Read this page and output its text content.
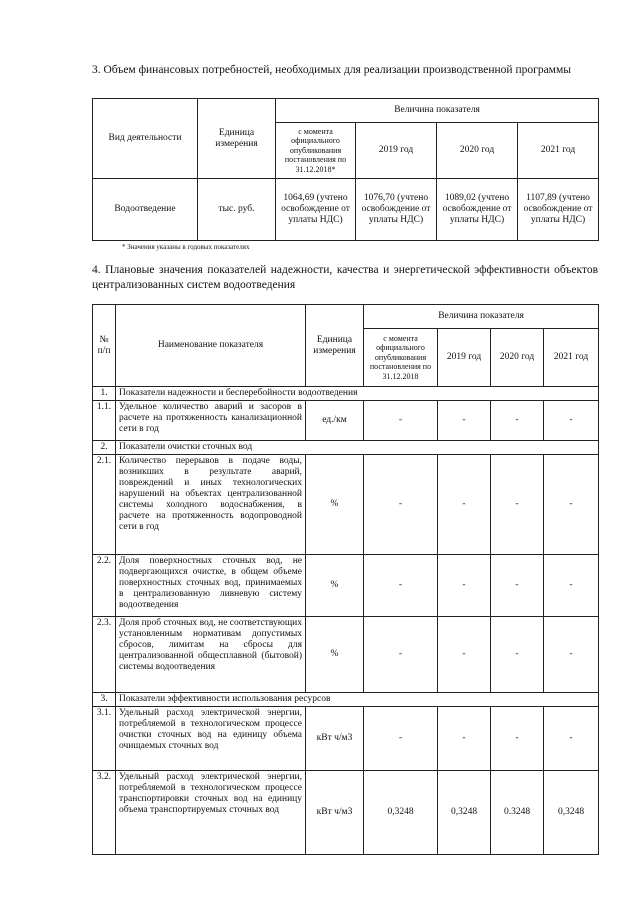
3. Объем финансовых потребностей, необходимых для реализации производственной программы
Вид деятельности	Единица измерения	Величина показателя			
		с момента официального опубликования постановления по 31.12.2018*	2019 год	2020 год	2021 год
Водоотведение	тыс. руб.	1064,69 (учтено освобождение от уплаты НДС)	1076,70 (учтено освобождение от уплаты НДС)	1089,02 (учтено освобождение от уплаты НДС)	1107,89 (учтено освобождение от уплаты НДС)
* Значения указаны в годовых показателях
4. Плановые значения показателей надежности, качества и энергетической эффективности объектов централизованных систем водоотведения
№ п/п	Наименование показателя	Единица измерения	Величина показателя			
			с момента официального опубликования постановления по 31.12.2018	2019 год	2020 год	2021 год
1.	Показатели надежности и бесперебойности водоотведения					
1.1.	Удельное количество аварий и засоров в расчете на протяженность канализационной сети в год	ед./км	-	-	-	-
2.	Показатели очистки сточных вод					
2.1.	Количество перерывов в подаче воды, возникших в результате аварий, повреждений и иных технологических нарушений на объектах централизованной системы холодного водоснабжения, в расчете на протяженность водопроводной сети в год	%	-	-	-	-
2.2.	Доля поверхностных сточных вод, не подвергающихся очистке, в общем объеме поверхностных сточных вод, принимаемых в централизованную ливневую систему водоотведения	%	-	-	-	-
2.3.	Доля проб сточных вод, не соответствующих установленным нормативам допустимых сбросов, лимитам на сбросы для централизованной общесплавной (бытовой) системы водоотведения	%	-	-	-	-
3.	Показатели эффективности использования ресурсов					
3.1.	Удельный расход электрической энергии, потребляемой в технологическом процессе очистки сточных вод на единицу объема очищаемых сточных вод	кВт ч/м3	-	-	-	-
3.2.	Удельный расход электрической энергии, потребляемой в технологическом процессе транспортировки сточных вод на единицу объема транспортируемых сточных вод	кВт ч/м3	0,3248	0,3248	0.3248	0,3248
